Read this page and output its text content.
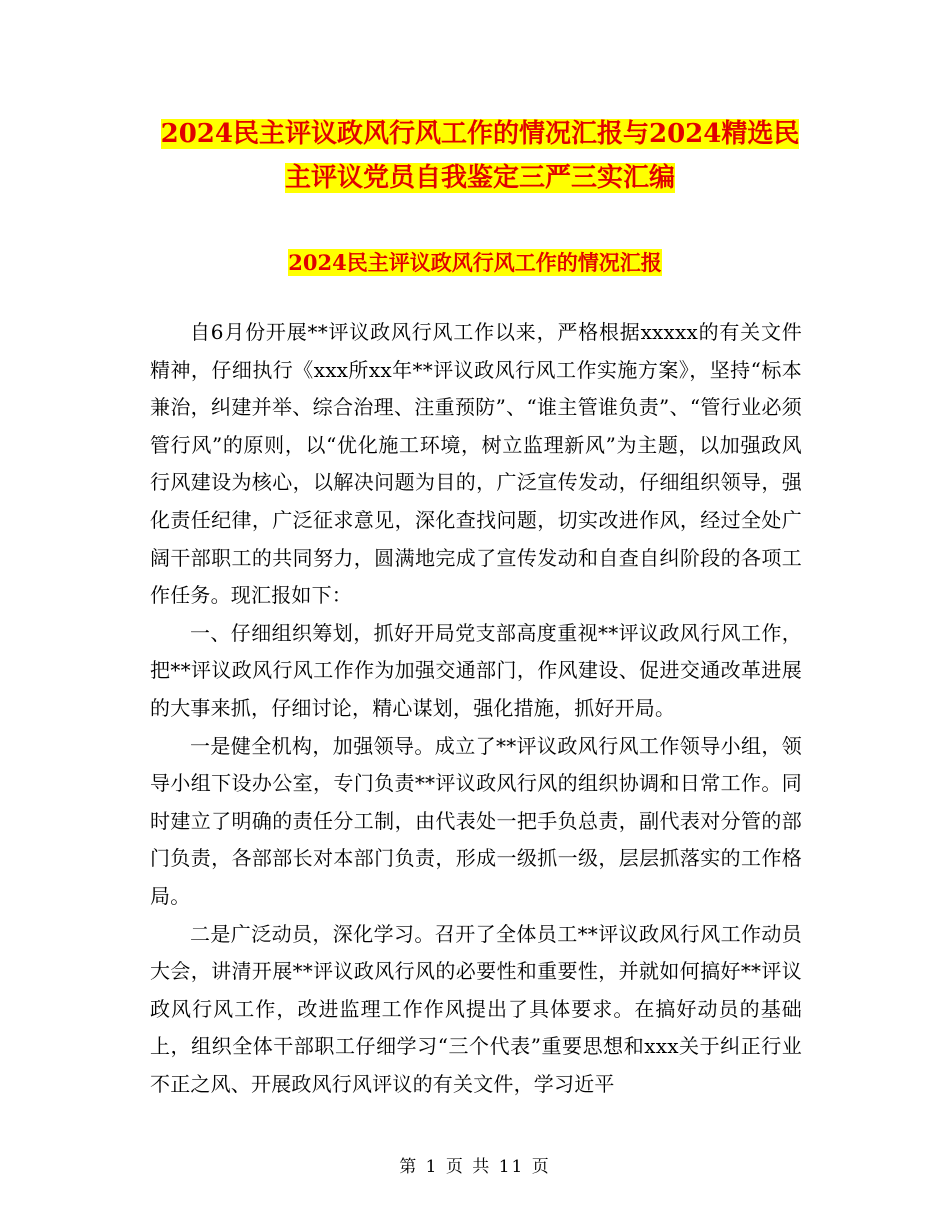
2024民主评议政风行风工作的情况汇报与2024精选民主评议党员自我鉴定三严三实汇编
2024民主评议政风行风工作的情况汇报

自6月份开展**评议政风行风工作以来，严格根据xxxxx的有关文件精神，仔细执行《xxx所xx年**评议政风行风工作实施方案》，坚持“标本兼治，纠建并举、综合治理、注重预防”、“谁主管谁负责”、“管行业必须管行风”的原则，以“优化施工环境，树立监理新风”为主题，以加强政风行风建设为核心，以解决问题为目的，广泛宣传发动，仔细组织领导，强化责任纪律，广泛征求意见，深化查找问题，切实改进作风，经过全处广阔干部职工的共同努力，圆满地完成了宣传发动和自查自纠阶段的各项工作任务。现汇报如下：

一、仔细组织筹划，抓好开局党支部高度重视**评议政风行风工作，把**评议政风行风工作作为加强交通部门，作风建设、促进交通改革进展的大事来抓，仔细讨论，精心谋划，强化措施，抓好开局。

一是健全机构，加强领导。成立了**评议政风行风工作领导小组，领导小组下设办公室，专门负责**评议政风行风的组织协调和日常工作。同时建立了明确的责任分工制，由代表处一把手负总责，副代表对分管的部门负责，各部部长对本部门负责，形成一级抓一级，层层抓落实的工作格局。

二是广泛动员，深化学习。召开了全体员工**评议政风行风工作动员大会，讲清开展**评议政风行风的必要性和重要性，并就如何搞好**评议政风行风工作，改进监理工作作风提出了具体要求。在搞好动员的基础上，组织全体干部职工仔细学习“三个代表”重要思想和xxx关于纠正行业不正之风、开展政风行风评议的有关文件，学习近平

第 1 页 共 11 页
